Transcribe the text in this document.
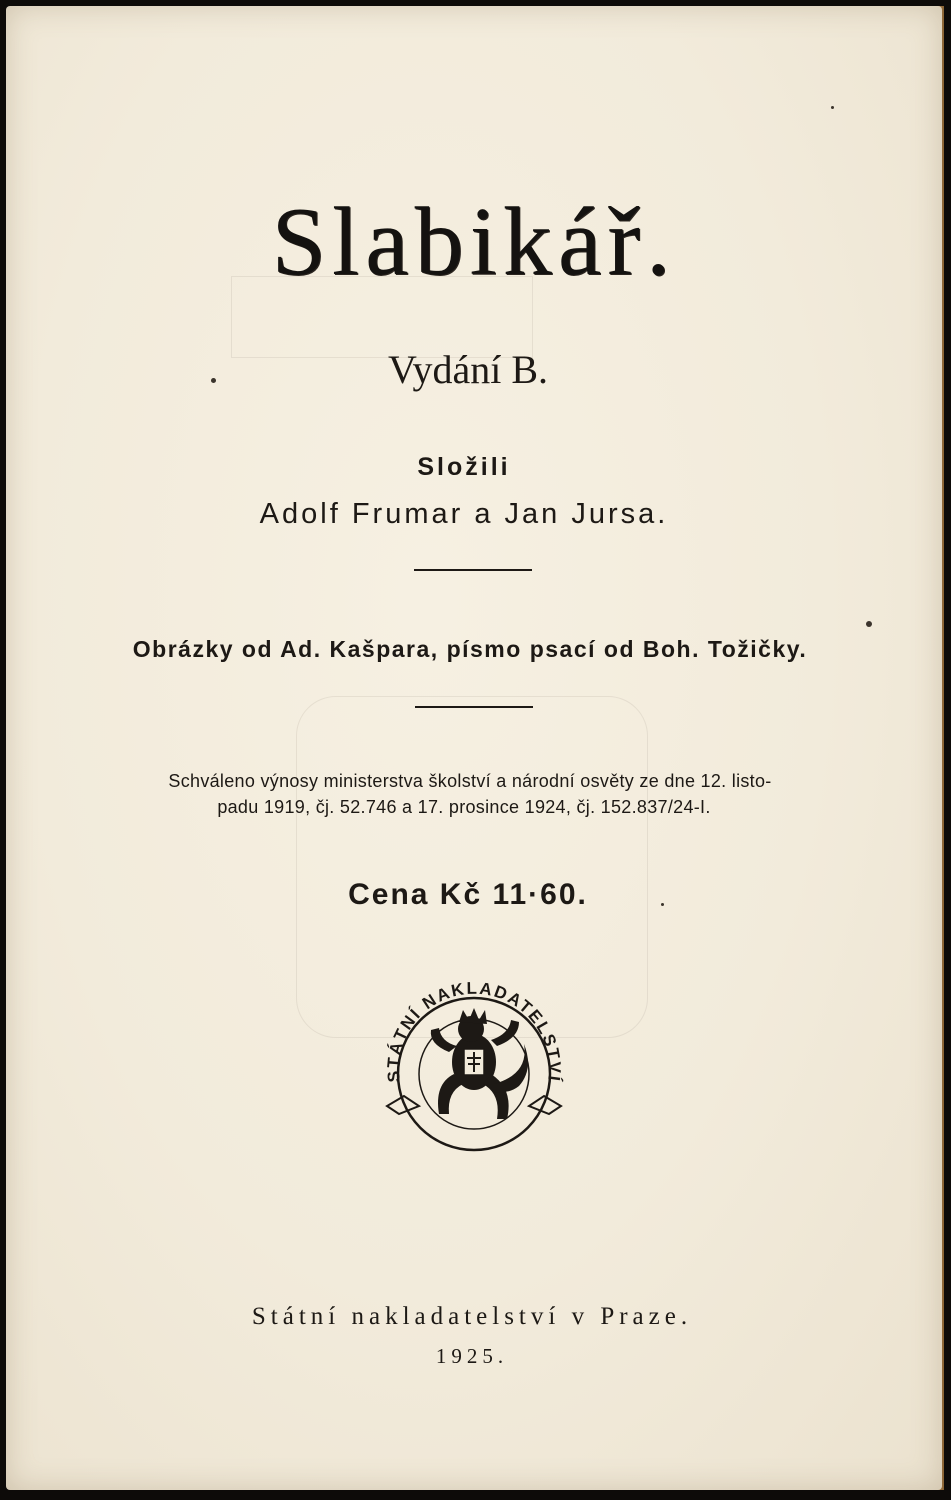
Slabikář.
Vydání B.
Složili
Adolf Frumar a Jan Jursa.
Obrázky od Ad. Kašpara, písmo psací od Boh. Tožičky.
Schváleno výnosy ministerstva školství a národní osvěty ze dne 12. listo-
padu 1919, čj. 52.746 a 17. prosince 1924, čj. 152.837/24-I.
Cena Kč 11·60.
STÁTNÍ NAKLADATELSTVÍ
Státní nakladatelství v Praze.
1925.
